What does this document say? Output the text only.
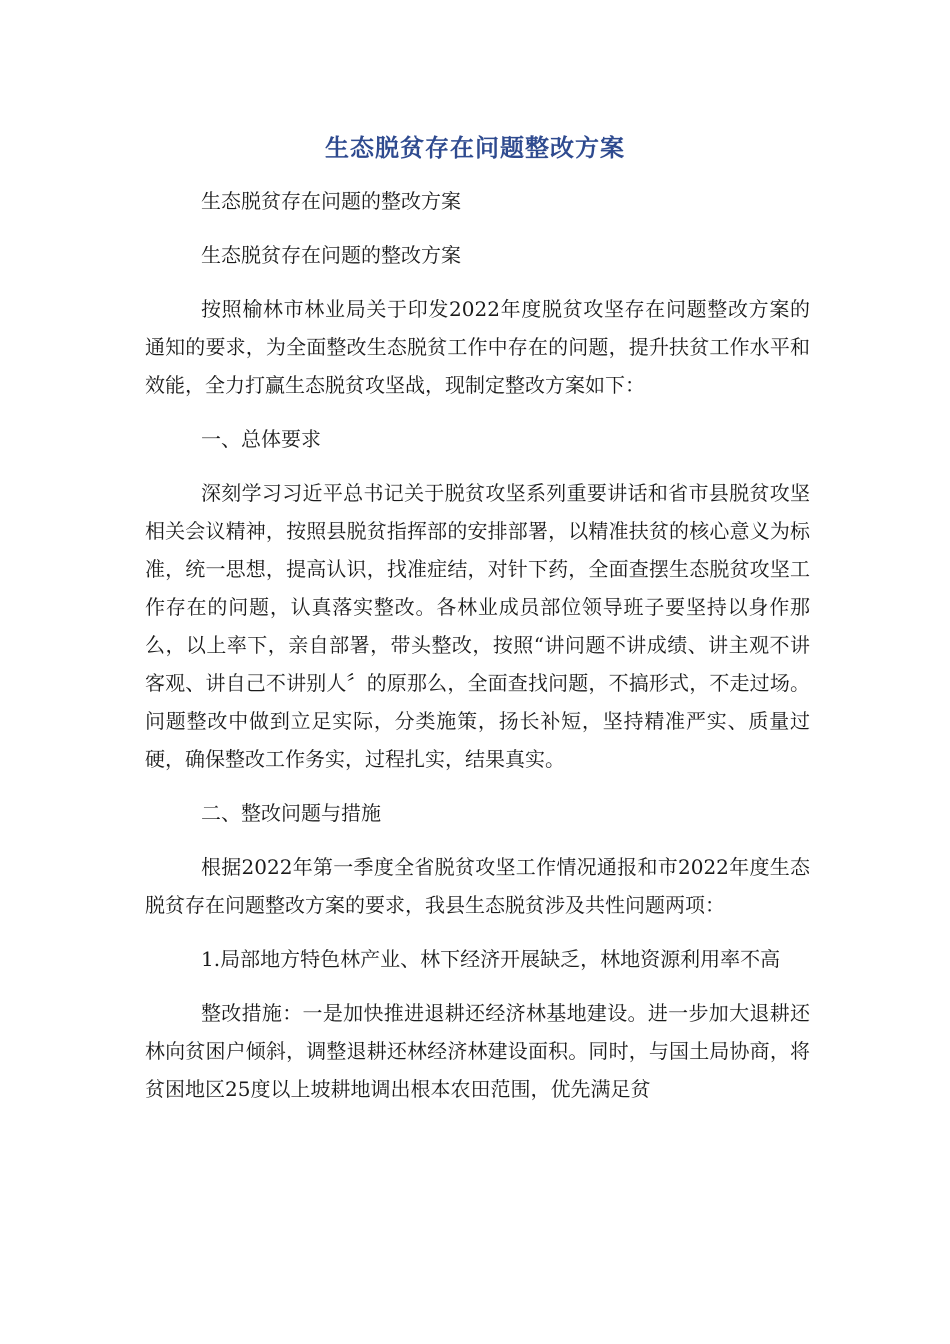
生态脱贫存在问题整改方案

生态脱贫存在问题的整改方案

生态脱贫存在问题的整改方案

按照榆林市林业局关于印发2022年度脱贫攻坚存在问题整改方案的通知的要求，为全面整改生态脱贫工作中存在的问题，提升扶贫工作水平和效能，全力打赢生态脱贫攻坚战，现制定整改方案如下：

一、总体要求

深刻学习习近平总书记关于脱贫攻坚系列重要讲话和省市县脱贫攻坚相关会议精神，按照县脱贫指挥部的安排部署，以精准扶贫的核心意义为标准，统一思想，提高认识，找准症结，对针下药，全面查摆生态脱贫攻坚工作存在的问题，认真落实整改。各林业成员部位领导班子要坚持以身作那么，以上率下，亲自部署，带头整改，按照“讲问题不讲成绩、讲主观不讲客观、讲自己不讲别人〞的原那么，全面查找问题，不搞形式，不走过场。问题整改中做到立足实际，分类施策，扬长补短，坚持精准严实、质量过硬，确保整改工作务实，过程扎实，结果真实。

二、整改问题与措施

根据2022年第一季度全省脱贫攻坚工作情况通报和市2022年度生态脱贫存在问题整改方案的要求，我县生态脱贫涉及共性问题两项：

1.局部地方特色林产业、林下经济开展缺乏，林地资源利用率不高

整改措施：一是加快推进退耕还经济林基地建设。进一步加大退耕还林向贫困户倾斜，调整退耕还林经济林建设面积。同时，与国土局协商，将贫困地区25度以上坡耕地调出根本农田范围，优先满足贫
